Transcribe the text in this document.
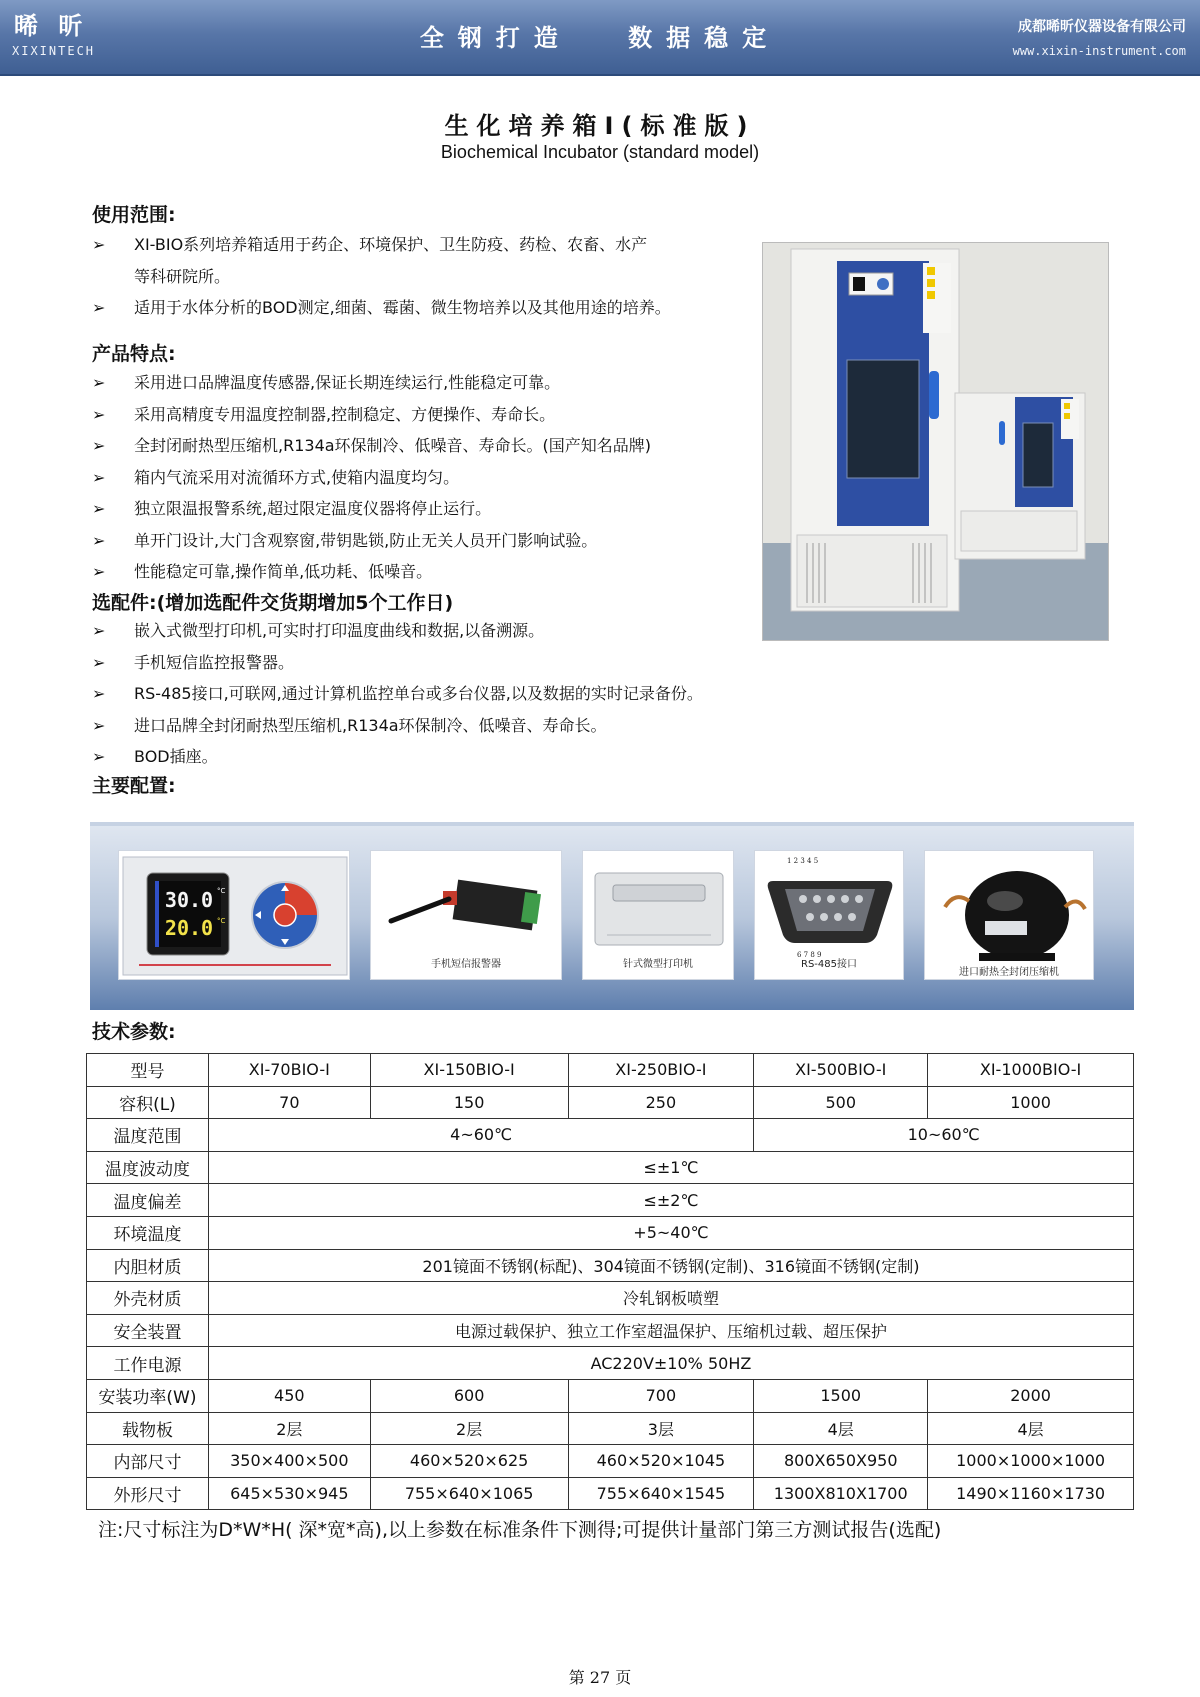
晞 昕
XIXINTECH	全钢打造 数据稳定	成都晞昕仪器设备有限公司
www.xixin-instrument.com
生化培养箱Ⅰ(标准版)
Biochemical Incubator (standard model)
使用范围:
➢ XI-BIO系列培养箱适用于药企、环境保护、卫生防疫、药检、农畜、水产
等科研院所。
➢ 适用于水体分析的BOD测定,细菌、霉菌、微生物培养以及其他用途的培养。
产品特点:
➢ 采用进口品牌温度传感器,保证长期连续运行,性能稳定可靠。
➢ 采用高精度专用温度控制器,控制稳定、方便操作、寿命长。
➢ 全封闭耐热型压缩机,R134a环保制冷、低噪音、寿命长。(国产知名品牌)
➢ 箱内气流采用对流循环方式,使箱内温度均匀。
➢ 独立限温报警系统,超过限定温度仪器将停止运行。
➢ 单开门设计,大门含观察窗,带钥匙锁,防止无关人员开门影响试验。
➢ 性能稳定可靠,操作简单,低功耗、低噪音。
选配件:(增加选配件交货期增加5个工作日)
➢ 嵌入式微型打印机,可实时打印温度曲线和数据,以备溯源。
➢ 手机短信监控报警器。
➢ RS-485接口,可联网,通过计算机监控单台或多台仪器,以及数据的实时记录备份。
➢ 进口品牌全封闭耐热型压缩机,R134a环保制冷、低噪音、寿命长。
➢ BOD插座。
主要配置:
30.0
20.0
°C
°C
手机短信报警器	针式微型打印机
1 2 3 4 5
6 7 8 9
RS-485接口
进口耐热全封闭压缩机
技术参数:
型号	XI-70BIO-Ⅰ	XI-150BIO-Ⅰ	XI-250BIO-Ⅰ	XI-500BIO-Ⅰ	XI-1000BIO-Ⅰ
容积(L)	70	150	250	500	1000
温度范围	4~60℃			10~60℃	
温度波动度	≤±1℃				
温度偏差	≤±2℃				
环境温度	+5~40℃				
内胆材质	201镜面不锈钢(标配)、304镜面不锈钢(定制)、316镜面不锈钢(定制)				
外壳材质	冷轧钢板喷塑				
安全装置	电源过载保护、独立工作室超温保护、压缩机过载、超压保护				
工作电源	AC220V±10% 50HZ				
安装功率(W)	450	600	700	1500	2000
载物板	2层	2层	3层	4层	4层
内部尺寸	350×400×500	460×520×625	460×520×1045	800X650X950	1000×1000×1000
外形尺寸	645×530×945	755×640×1065	755×640×1545	1300X810X1700	1490×1160×1730
注:尺寸标注为D*W*H( 深*宽*高),以上参数在标准条件下测得;可提供计量部门第三方测试报告(选配)
第 27 页
